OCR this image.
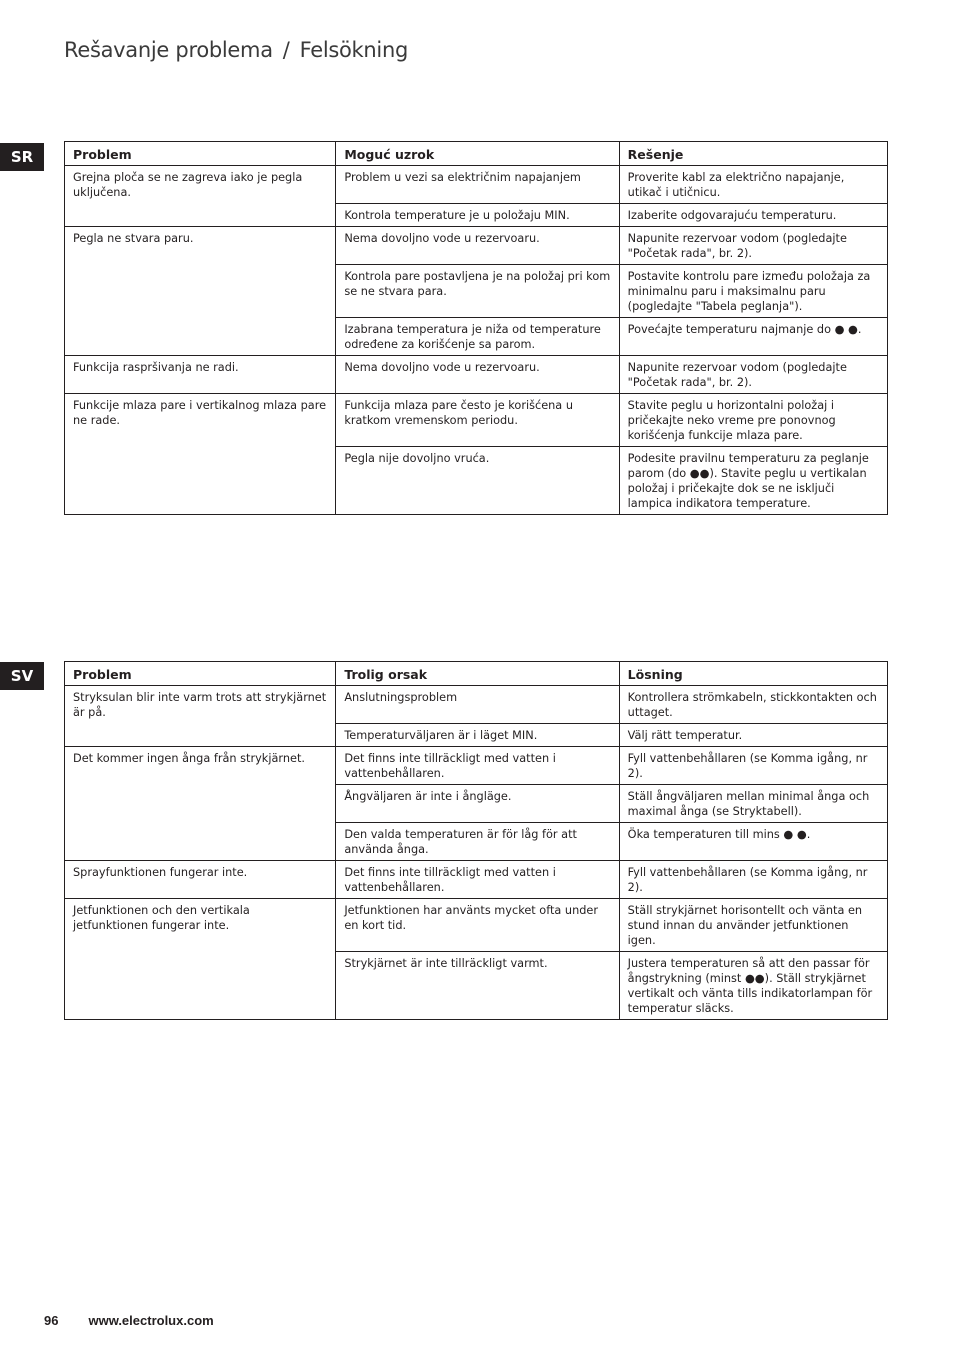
Rešavanje problema / Felsökning
SR	Problem	Moguć uzrok	Rešenje
Grejna ploča se ne zagreva iako je pegla uključena.	Problem u vezi sa električnim napajanjem	Proverite kabl za električno napajanje, utikač i utičnicu.
	Kontrola temperature je u položaju MIN.	Izaberite odgovarajuću temperaturu.
Pegla ne stvara paru.	Nema dovoljno vode u rezervoaru.	Napunite rezervoar vodom (pogledajte "Početak rada", br. 2).
	Kontrola pare postavljena je na položaj pri kom se ne stvara para.	Postavite kontrolu pare između položaja za minimalnu paru i maksimalnu paru (pogledajte "Tabela peglanja").
	Izabrana temperatura je niža od temperature određene za korišćenje sa parom.	Povećajte temperaturu najmanje do ● ●.
Funkcija raspršivanja ne radi.	Nema dovoljno vode u rezervoaru.	Napunite rezervoar vodom (pogledajte "Početak rada", br. 2).
Funkcije mlaza pare i vertikalnog mlaza pare ne rade.	Funkcija mlaza pare često je korišćena u kratkom vremenskom periodu.	Stavite peglu u horizontalni položaj i pričekajte neko vreme pre ponovnog korišćenja funkcije mlaza pare.
	Pegla nije dovoljno vruća.	Podesite pravilnu temperaturu za peglanje parom (do ●●). Stavite peglu u vertikalan položaj i pričekajte dok se ne isključi lampica indikatora temperature.
SV	Problem	Trolig orsak	Lösning
Stryksulan blir inte varm trots att strykjärnet är på.	Anslutningsproblem	Kontrollera strömkabeln, stickkontakten och uttaget.
	Temperaturväljaren är i läget MIN.	Välj rätt temperatur.
Det kommer ingen ånga från strykjärnet.	Det finns inte tillräckligt med vatten i vattenbehållaren.	Fyll vattenbehållaren (se Komma igång, nr 2).
	Ångväljaren är inte i ångläge.	Ställ ångväljaren mellan minimal ånga och maximal ånga (se Stryktabell).
	Den valda temperaturen är för låg för att använda ånga.	Öka temperaturen till mins ● ●.
Sprayfunktionen fungerar inte.	Det finns inte tillräckligt med vatten i vattenbehållaren.	Fyll vattenbehållaren (se Komma igång, nr 2).
Jetfunktionen och den vertikala jetfunktionen fungerar inte.	Jetfunktionen har använts mycket ofta under en kort tid.	Ställ strykjärnet horisontellt och vänta en stund innan du använder jetfunktionen igen.
	Strykjärnet är inte tillräckligt varmt.	Justera temperaturen så att den passar för ångstrykning (minst ●●). Ställ strykjärnet vertikalt och vänta tills indikatorlampan för temperatur släcks.
96 www.electrolux.com
